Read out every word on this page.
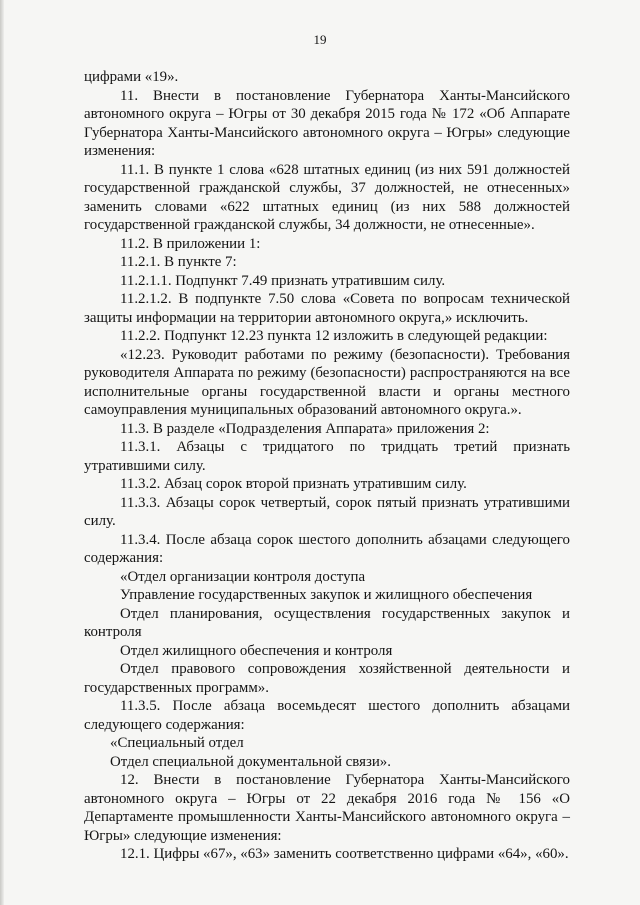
19

цифрами «19».

11. Внести в постановление Губернатора Ханты-Мансийского автономного округа – Югры от 30 декабря 2015 года № 172 «Об Аппарате Губернатора Ханты-Мансийского автономного округа – Югры» следующие изменения:

11.1. В пункте 1 слова «628 штатных единиц (из них 591 должностей государственной гражданской службы, 37 должностей, не отнесенных» заменить словами «622 штатных единиц (из них 588 должностей государственной гражданской службы, 34 должности, не отнесенные».

11.2. В приложении 1:

11.2.1. В пункте 7:

11.2.1.1. Подпункт 7.49 признать утратившим силу.

11.2.1.2. В подпункте 7.50 слова «Совета по вопросам технической защиты информации на территории автономного округа,» исключить.

11.2.2. Подпункт 12.23 пункта 12 изложить в следующей редакции:

«12.23. Руководит работами по режиму (безопасности). Требования руководителя Аппарата по режиму (безопасности) распространяются на все исполнительные органы государственной власти и органы местного самоуправления муниципальных образований автономного округа.».

11.3. В разделе «Подразделения Аппарата» приложения 2:

11.3.1. Абзацы с тридцатого по тридцать третий признать утратившими силу.

11.3.2. Абзац сорок второй признать утратившим силу.

11.3.3. Абзацы сорок четвертый, сорок пятый признать утратившими силу.

11.3.4. После абзаца сорок шестого дополнить абзацами следующего содержания:

«Отдел организации контроля доступа

Управление государственных закупок и жилищного обеспечения

Отдел планирования, осуществления государственных закупок и контроля

Отдел жилищного обеспечения и контроля

Отдел правового сопровождения хозяйственной деятельности и государственных программ».

11.3.5. После абзаца восемьдесят шестого дополнить абзацами следующего содержания:

«Специальный отдел

Отдел специальной документальной связи».

12. Внести в постановление Губернатора Ханты-Мансийского автономного округа – Югры от 22 декабря 2016 года № 156 «О Департаменте промышленности Ханты-Мансийского автономного округа – Югры» следующие изменения:

12.1. Цифры «67», «63» заменить соответственно цифрами «64», «60».
